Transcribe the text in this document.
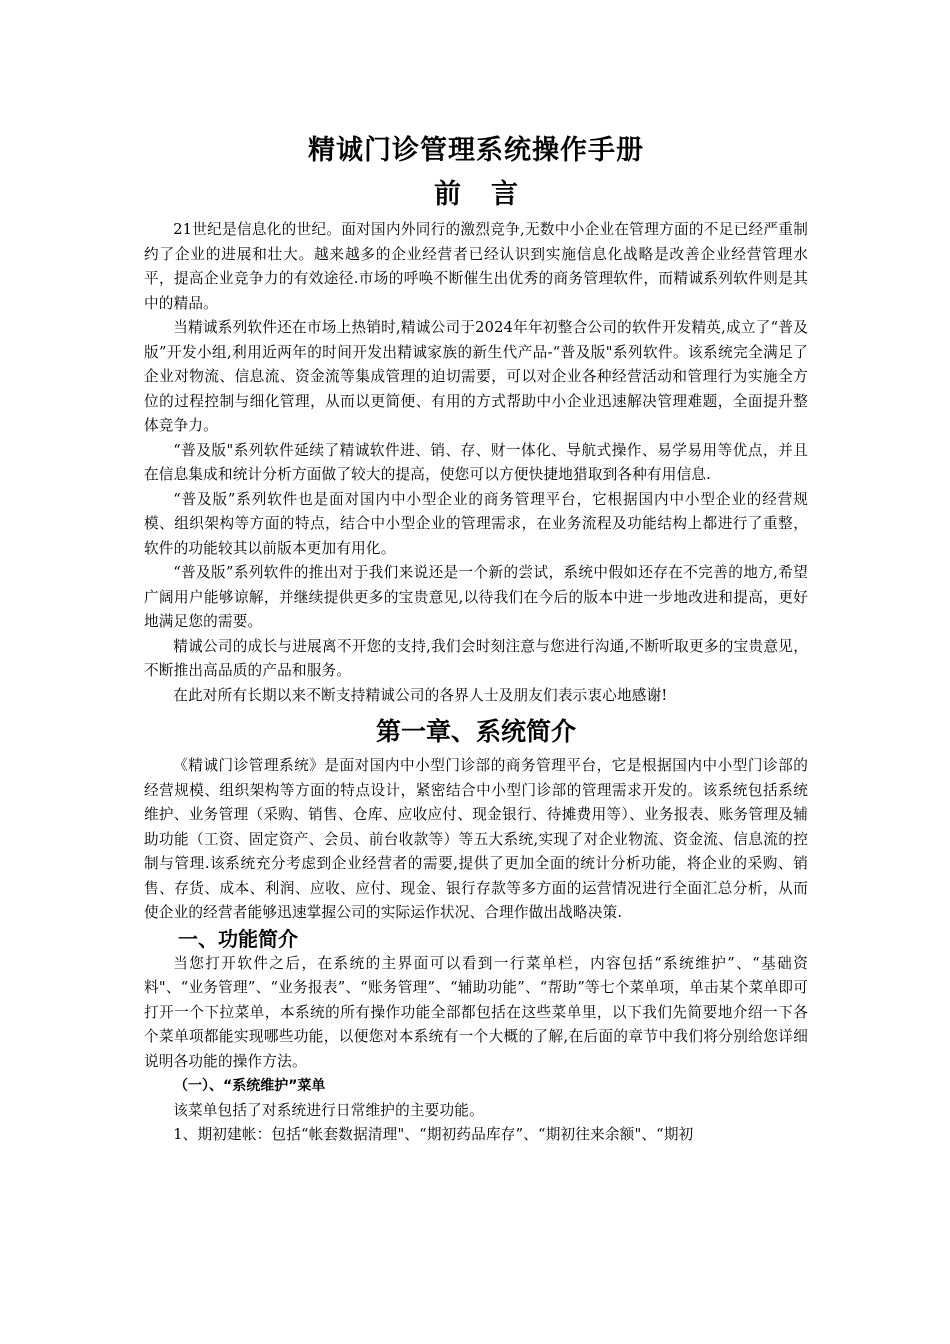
精诚门诊管理系统操作手册
前言

21世纪是信息化的世纪。面对国内外同行的激烈竞争,无数中小企业在管理方面的不足已经严重制约了企业的进展和壮大。越来越多的企业经营者已经认识到实施信息化战略是改善企业经营管理水平，提高企业竞争力的有效途径.市场的呼唤不断催生出优秀的商务管理软件，而精诚系列软件则是其中的精品。

当精诚系列软件还在市场上热销时,精诚公司于2024年年初整合公司的软件开发精英,成立了“普及版”开发小组,利用近两年的时间开发出精诚家族的新生代产品-“普及版"系列软件。该系统完全满足了企业对物流、信息流、资金流等集成管理的迫切需要，可以对企业各种经营活动和管理行为实施全方位的过程控制与细化管理，从而以更简便、有用的方式帮助中小企业迅速解决管理难题，全面提升整体竞争力。

“普及版"系列软件延续了精诚软件进、销、存、财一体化、导航式操作、易学易用等优点，并且在信息集成和统计分析方面做了较大的提高，使您可以方便快捷地猎取到各种有用信息.

“普及版”系列软件也是面对国内中小型企业的商务管理平台，它根据国内中小型企业的经营规模、组织架构等方面的特点，结合中小型企业的管理需求，在业务流程及功能结构上都进行了重整，软件的功能较其以前版本更加有用化。

“普及版”系列软件的推出对于我们来说还是一个新的尝试，系统中假如还存在不完善的地方,希望广阔用户能够谅解，并继续提供更多的宝贵意见,以待我们在今后的版本中进一步地改进和提高，更好地满足您的需要。

精诚公司的成长与进展离不开您的支持,我们会时刻注意与您进行沟通,不断听取更多的宝贵意见，不断推出高品质的产品和服务。

在此对所有长期以来不断支持精诚公司的各界人士及朋友们表示衷心地感谢!

第一章、系统简介

《精诚门诊管理系统》是面对国内中小型门诊部的商务管理平台，它是根据国内中小型门诊部的经营规模、组织架构等方面的特点设计，紧密结合中小型门诊部的管理需求开发的。该系统包括系统维护、业务管理（采购、销售、仓库、应收应付、现金银行、待摊费用等）、业务报表、账务管理及辅助功能（工资、固定资产、会员、前台收款等）等五大系统,实现了对企业物流、资金流、信息流的控制与管理.该系统充分考虑到企业经营者的需要,提供了更加全面的统计分析功能，将企业的采购、销售、存货、成本、利润、应收、应付、现金、银行存款等多方面的运营情况进行全面汇总分析，从而使企业的经营者能够迅速掌握公司的实际运作状况、合理作做出战略决策.

一、功能简介

当您打开软件之后，在系统的主界面可以看到一行菜单栏，内容包括“系统维护”、“基础资料"、“业务管理”、“业务报表”、“账务管理”、“辅助功能”、“帮助”等七个菜单项，单击某个菜单即可打开一个下拉菜单，本系统的所有操作功能全部都包括在这些菜单里，以下我们先简要地介绍一下各个菜单项都能实现哪些功能，以便您对本系统有一个大概的了解,在后面的章节中我们将分别给您详细说明各功能的操作方法。

（一）、“系统维护”菜单

该菜单包括了对系统进行日常维护的主要功能。

1、期初建帐：包括“帐套数据清理"、“期初药品库存”、“期初往来余额"、“期初
